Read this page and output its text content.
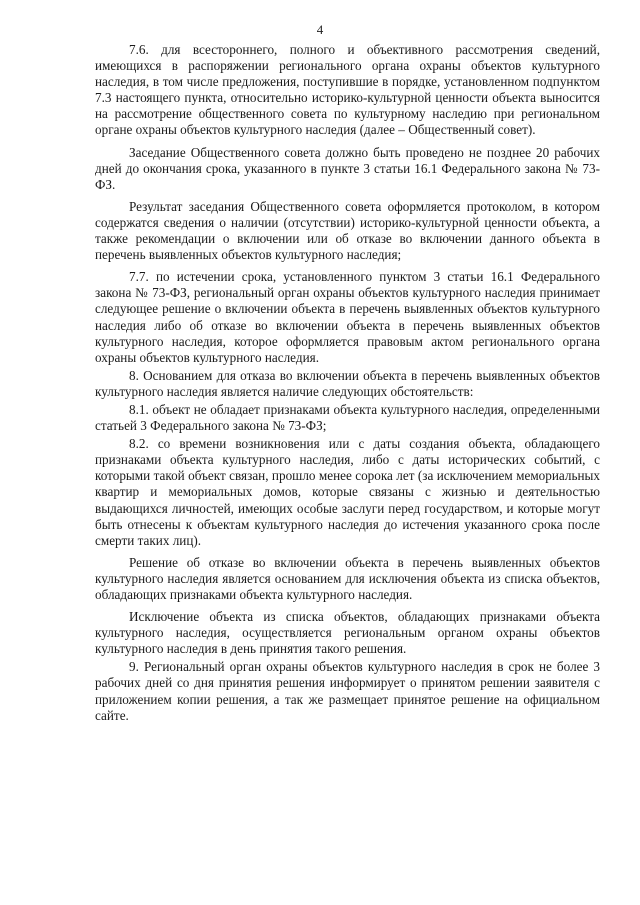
4

7.6. для всестороннего, полного и объективного рассмотрения сведений, имеющихся в распоряжении регионального органа охраны объектов культурного наследия, в том числе предложения, поступившие в порядке, установленном подпунктом 7.3 настоящего пункта, относительно историко-культурной ценности объекта выносится на рассмотрение общественного совета по культурному наследию при региональном органе охраны объектов культурного наследия (далее – Общественный совет).

Заседание Общественного совета должно быть проведено не позднее 20 рабочих дней до окончания срока, указанного в пункте 3 статьи 16.1 Федерального закона № 73-ФЗ.

Результат заседания Общественного совета оформляется протоколом, в котором содержатся сведения о наличии (отсутствии) историко-культурной ценности объекта, а также рекомендации о включении или об отказе во включении данного объекта в перечень выявленных объектов культурного наследия;

7.7. по истечении срока, установленного пунктом 3 статьи 16.1 Федерального закона № 73-ФЗ, региональный орган охраны объектов культурного наследия принимает следующее решение о включении объекта в перечень выявленных объектов культурного наследия либо об отказе во включении объекта в перечень выявленных объектов культурного наследия, которое оформляется правовым актом регионального органа охраны объектов культурного наследия.

8. Основанием для отказа во включении объекта в перечень выявленных объектов культурного наследия является наличие следующих обстоятельств:

8.1. объект не обладает признаками объекта культурного наследия, определенными статьей 3 Федерального закона № 73-ФЗ;

8.2. со времени возникновения или с даты создания объекта, обладающего признаками объекта культурного наследия, либо с даты исторических событий, с которыми такой объект связан, прошло менее сорока лет (за исключением мемориальных квартир и мемориальных домов, которые связаны с жизнью и деятельностью выдающихся личностей, имеющих особые заслуги перед государством, и которые могут быть отнесены к объектам культурного наследия до истечения указанного срока после смерти таких лиц).

Решение об отказе во включении объекта в перечень выявленных объектов культурного наследия является основанием для исключения объекта из списка объектов, обладающих признаками объекта культурного наследия.

Исключение объекта из списка объектов, обладающих признаками объекта культурного наследия, осуществляется региональным органом охраны объектов культурного наследия в день принятия такого решения.

9. Региональный орган охраны объектов культурного наследия в срок не более 3 рабочих дней со дня принятия решения информирует о принятом решении заявителя с приложением копии решения, а так же размещает принятое решение на официальном сайте.
